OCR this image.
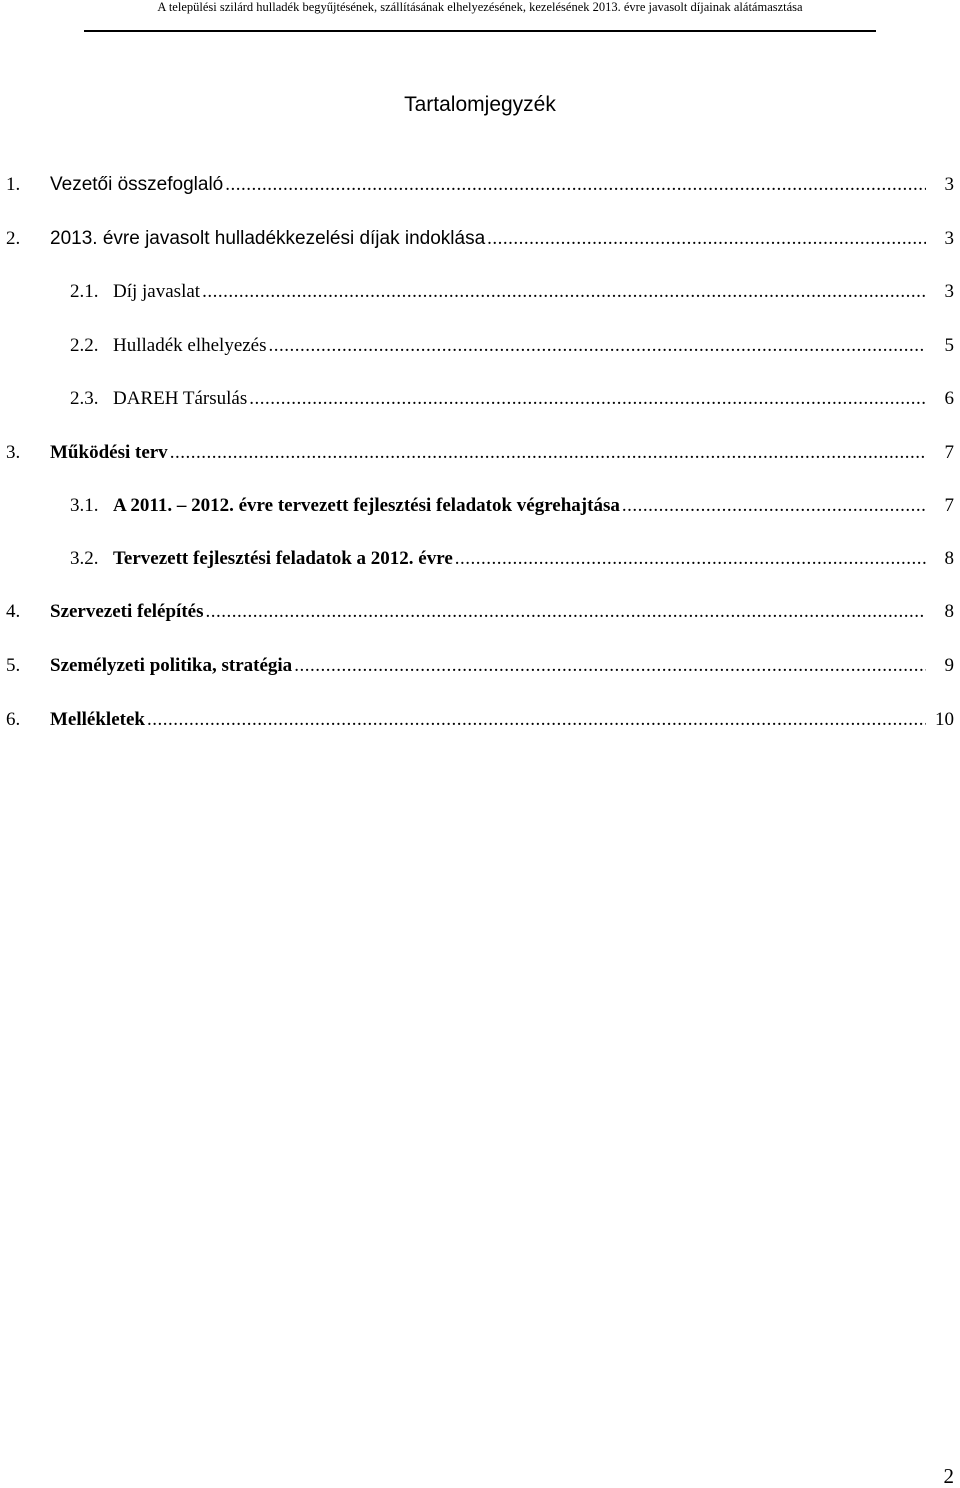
A települési szilárd hulladék begyűjtésének, szállításának elhelyezésének, kezelésének 2013. évre javasolt díjainak alátámasztása
Tartalomjegyzék
1. Vezetői összefoglaló .....	3
2. 2013. évre javasolt hulladékkezelési díjak indoklása .....	3
2.1. Díj javaslat .....	3
2.2. Hulladék elhelyezés .....	5
2.3. DAREH Társulás .....	6
3. Működési terv .....	7
3.1. A 2011. – 2012. évre tervezett fejlesztési feladatok végrehajtása .....	7
3.2. Tervezett fejlesztési feladatok a 2012. évre .....	8
4. Szervezeti felépítés .....	8
5. Személyzeti politika, stratégia .....	9
6. Mellékletek .....	10
2
